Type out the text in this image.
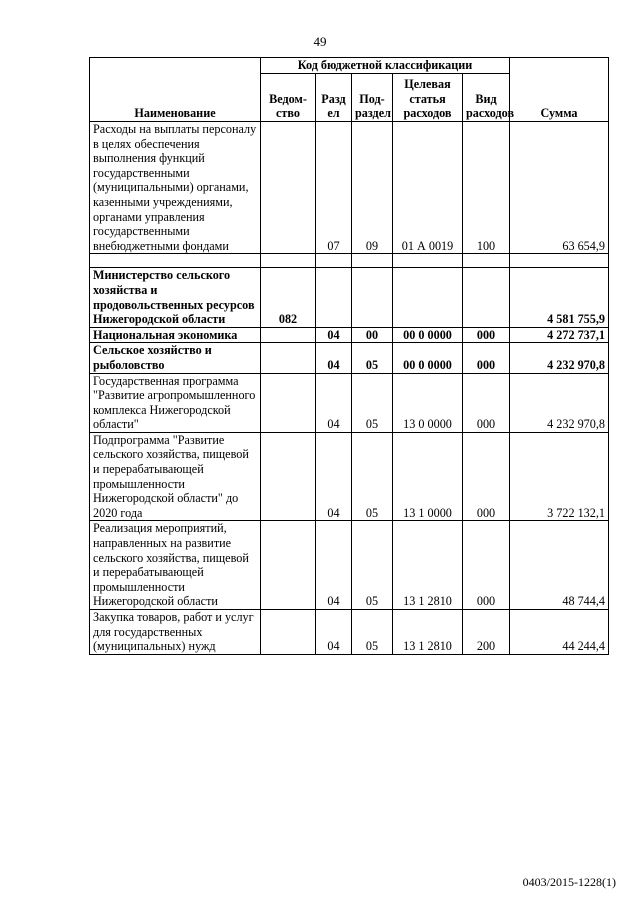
49
Наименование	Код бюджетной классификации					Сумма
	Ведом-ство	Разд ел	Под-раздел	Целевая статья расходов	Вид расходов	
Расходы на выплаты персоналу в целях обеспечения выполнения функций государственными (муниципальными) органами, казенными учреждениями, органами управления государственными внебюджетными фондами		07	09	01 А 0019	100	63 654,9

Министерство сельского хозяйства и продовольственных ресурсов Нижегородской области	082					4 581 755,9
Национальная экономика		04	00	00 0 0000	000	4 272 737,1
Сельское хозяйство и рыболовство		04	05	00 0 0000	000	4 232 970,8
Государственная программа "Развитие агропромышленного комплекса Нижегородской области"		04	05	13 0 0000	000	4 232 970,8
Подпрограмма "Развитие сельского хозяйства, пищевой и перерабатывающей промышленности Нижегородской области" до 2020 года		04	05	13 1 0000	000	3 722 132,1
Реализация мероприятий, направленных на развитие сельского хозяйства, пищевой и перерабатывающей промышленности Нижегородской области		04	05	13 1 2810	000	48 744,4
Закупка товаров, работ и услуг для государственных (муниципальных) нужд		04	05	13 1 2810	200	44 244,4
0403/2015-1228(1)
